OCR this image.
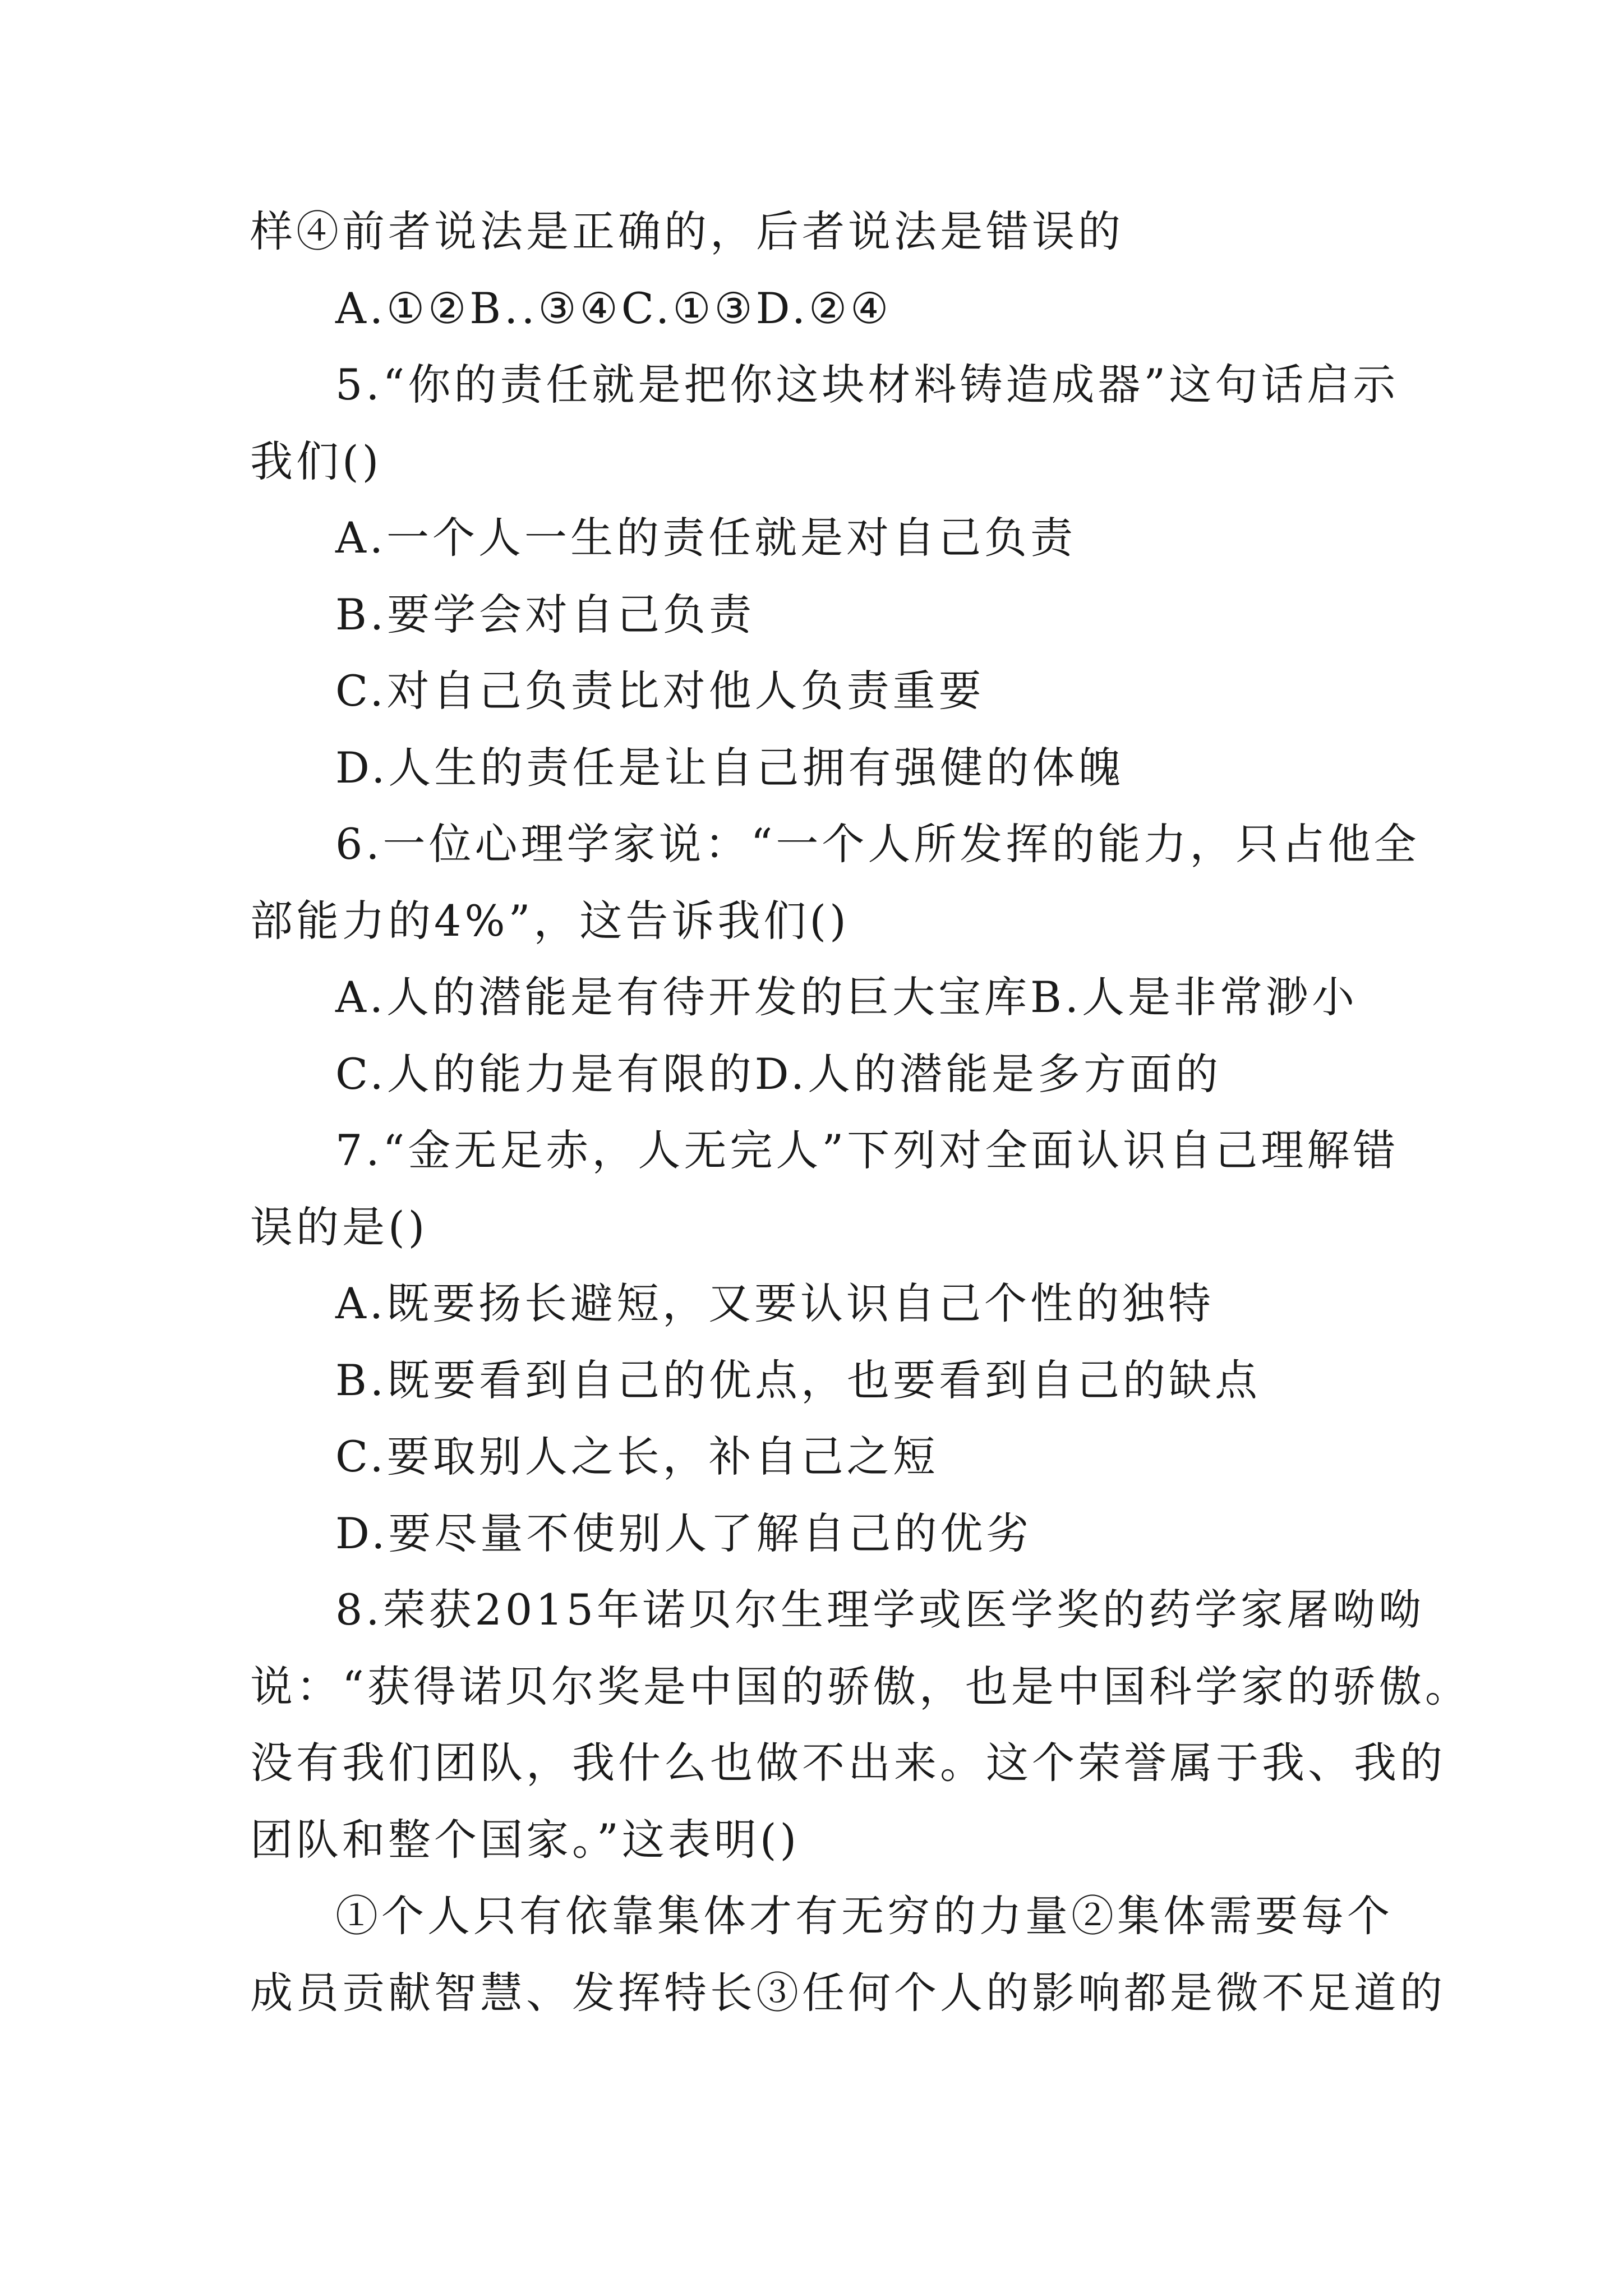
样④前者说法是正确的，后者说法是错误的
A.①②B..③④C.①③D.②④
5.“你的责任就是把你这块材料铸造成器”这句话启示
我们()
A.一个人一生的责任就是对自己负责
B.要学会对自己负责
C.对自己负责比对他人负责重要
D.人生的责任是让自己拥有强健的体魄
6.一位心理学家说：“一个人所发挥的能力，只占他全
部能力的4%”，这告诉我们()
A.人的潜能是有待开发的巨大宝库B.人是非常渺小
C.人的能力是有限的D.人的潜能是多方面的
7.“金无足赤，人无完人”下列对全面认识自己理解错
误的是()
A.既要扬长避短，又要认识自己个性的独特
B.既要看到自己的优点，也要看到自己的缺点
C.要取别人之长，补自己之短
D.要尽量不使别人了解自己的优劣
8.荣获2015年诺贝尔生理学或医学奖的药学家屠呦呦
说：“获得诺贝尔奖是中国的骄傲，也是中国科学家的骄傲。
没有我们团队，我什么也做不出来。这个荣誉属于我、我的
团队和整个国家。”这表明()
①个人只有依靠集体才有无穷的力量②集体需要每个
成员贡献智慧、发挥特长③任何个人的影响都是微不足道的
